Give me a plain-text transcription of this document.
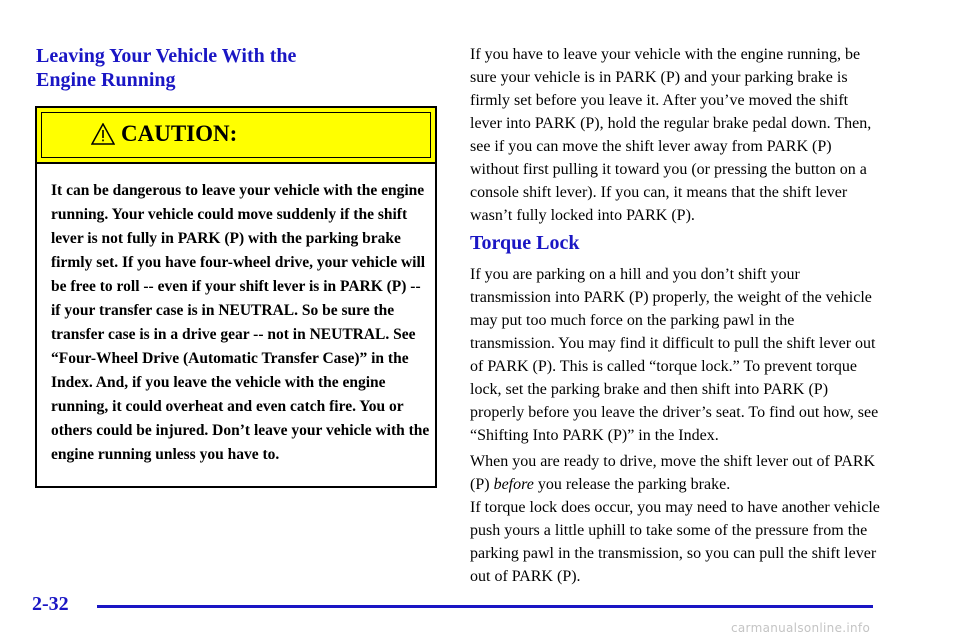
Leaving Your Vehicle With the
Engine Running
CAUTION:

It can be dangerous to leave your vehicle with the engine running. Your vehicle could move suddenly if the shift lever is not fully in PARK (P) with the parking brake firmly set. If you have four-wheel drive, your vehicle will be free to roll -- even if your shift lever is in PARK (P) -- if your transfer case is in NEUTRAL. So be sure the transfer case is in a drive gear -- not in NEUTRAL. See “Four-Wheel Drive (Automatic Transfer Case)” in the Index. And, if you leave the vehicle with the engine running, it could overheat and even catch fire. You or others could be injured. Don’t leave your vehicle with the engine running unless you have to.

If you have to leave your vehicle with the engine running, be sure your vehicle is in PARK (P) and your parking brake is firmly set before you leave it. After you’ve moved the shift lever into PARK (P), hold the regular brake pedal down. Then, see if you can move the shift lever away from PARK (P) without first pulling it toward you (or pressing the button on a console shift lever). If you can, it means that the shift lever wasn’t fully locked into PARK (P).

Torque Lock

If you are parking on a hill and you don’t shift your transmission into PARK (P) properly, the weight of the vehicle may put too much force on the parking pawl in the transmission. You may find it difficult to pull the shift lever out of PARK (P). This is called “torque lock.” To prevent torque lock, set the parking brake and then shift into PARK (P) properly before you leave the driver’s seat. To find out how, see “Shifting Into PARK (P)” in the Index.

When you are ready to drive, move the shift lever out of PARK (P) before you release the parking brake.

If torque lock does occur, you may need to have another vehicle push yours a little uphill to take some of the pressure from the parking pawl in the transmission, so you can pull the shift lever out of PARK (P).

2-32

carmanualsonline.info
